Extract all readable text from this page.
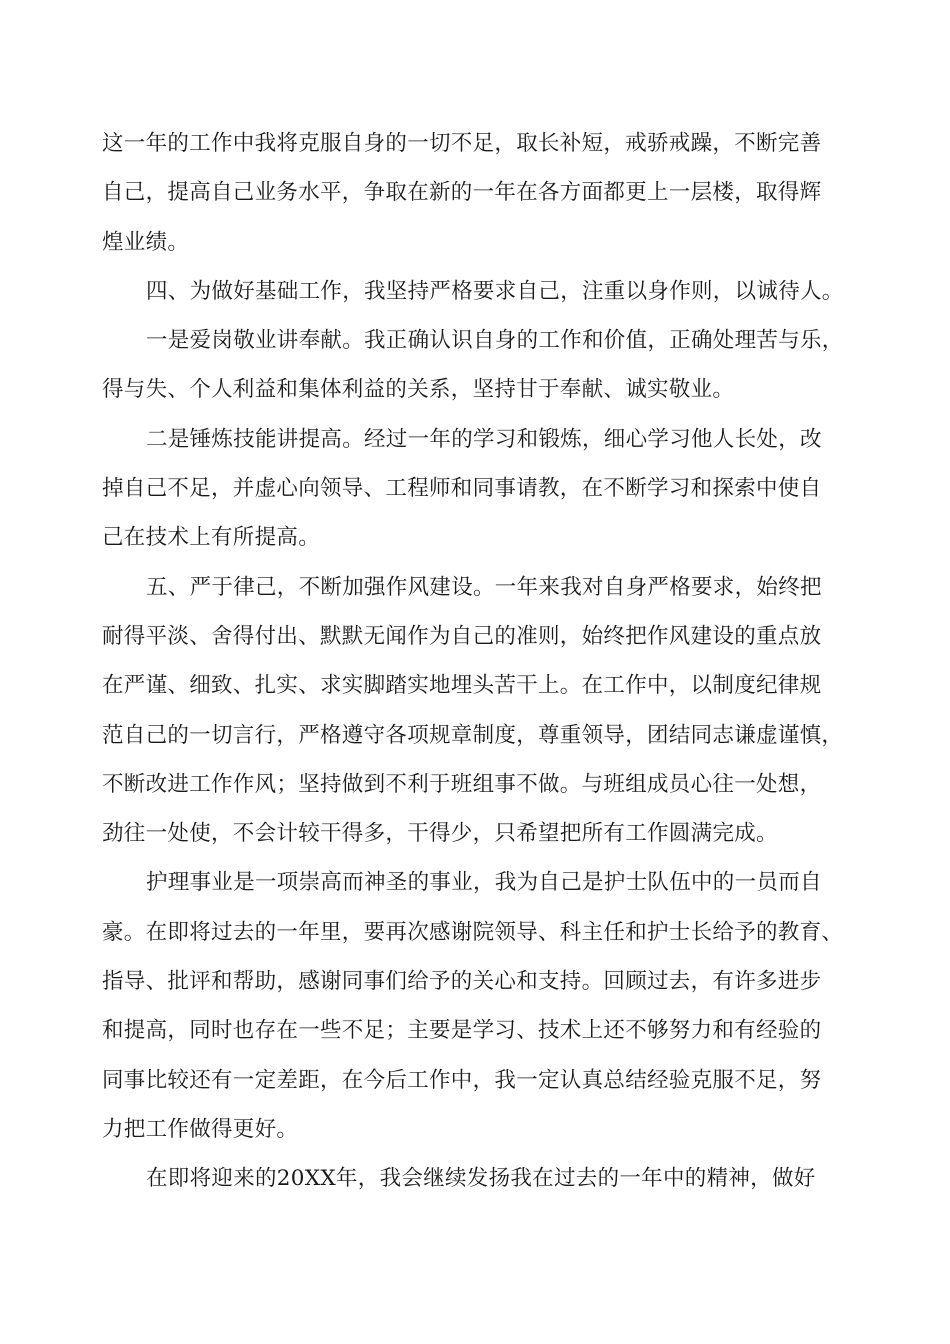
这一年的工作中我将克服自身的一切不足，取长补短，戒骄戒躁，不断完善
自己，提高自己业务水平，争取在新的一年在各方面都更上一层楼，取得辉
煌业绩。
四、为做好基础工作，我坚持严格要求自己，注重以身作则，以诚待人。
一是爱岗敬业讲奉献。我正确认识自身的工作和价值，正确处理苦与乐，
得与失、个人利益和集体利益的关系，坚持甘于奉献、诚实敬业。
二是锤炼技能讲提高。经过一年的学习和锻炼，细心学习他人长处，改
掉自己不足，并虚心向领导、工程师和同事请教，在不断学习和探索中使自
己在技术上有所提高。
五、严于律己，不断加强作风建设。一年来我对自身严格要求，始终把
耐得平淡、舍得付出、默默无闻作为自己的准则，始终把作风建设的重点放
在严谨、细致、扎实、求实脚踏实地埋头苦干上。在工作中，以制度纪律规
范自己的一切言行，严格遵守各项规章制度，尊重领导，团结同志谦虚谨慎，
不断改进工作作风；坚持做到不利于班组事不做。与班组成员心往一处想，
劲往一处使，不会计较干得多，干得少，只希望把所有工作圆满完成。
护理事业是一项崇高而神圣的事业，我为自己是护士队伍中的一员而自
豪。在即将过去的一年里，要再次感谢院领导、科主任和护士长给予的教育、
指导、批评和帮助，感谢同事们给予的关心和支持。回顾过去，有许多进步
和提高，同时也存在一些不足；主要是学习、技术上还不够努力和有经验的
同事比较还有一定差距，在今后工作中，我一定认真总结经验克服不足，努
力把工作做得更好。
在即将迎来的20XX年，我会继续发扬我在过去的一年中的精神，做好
